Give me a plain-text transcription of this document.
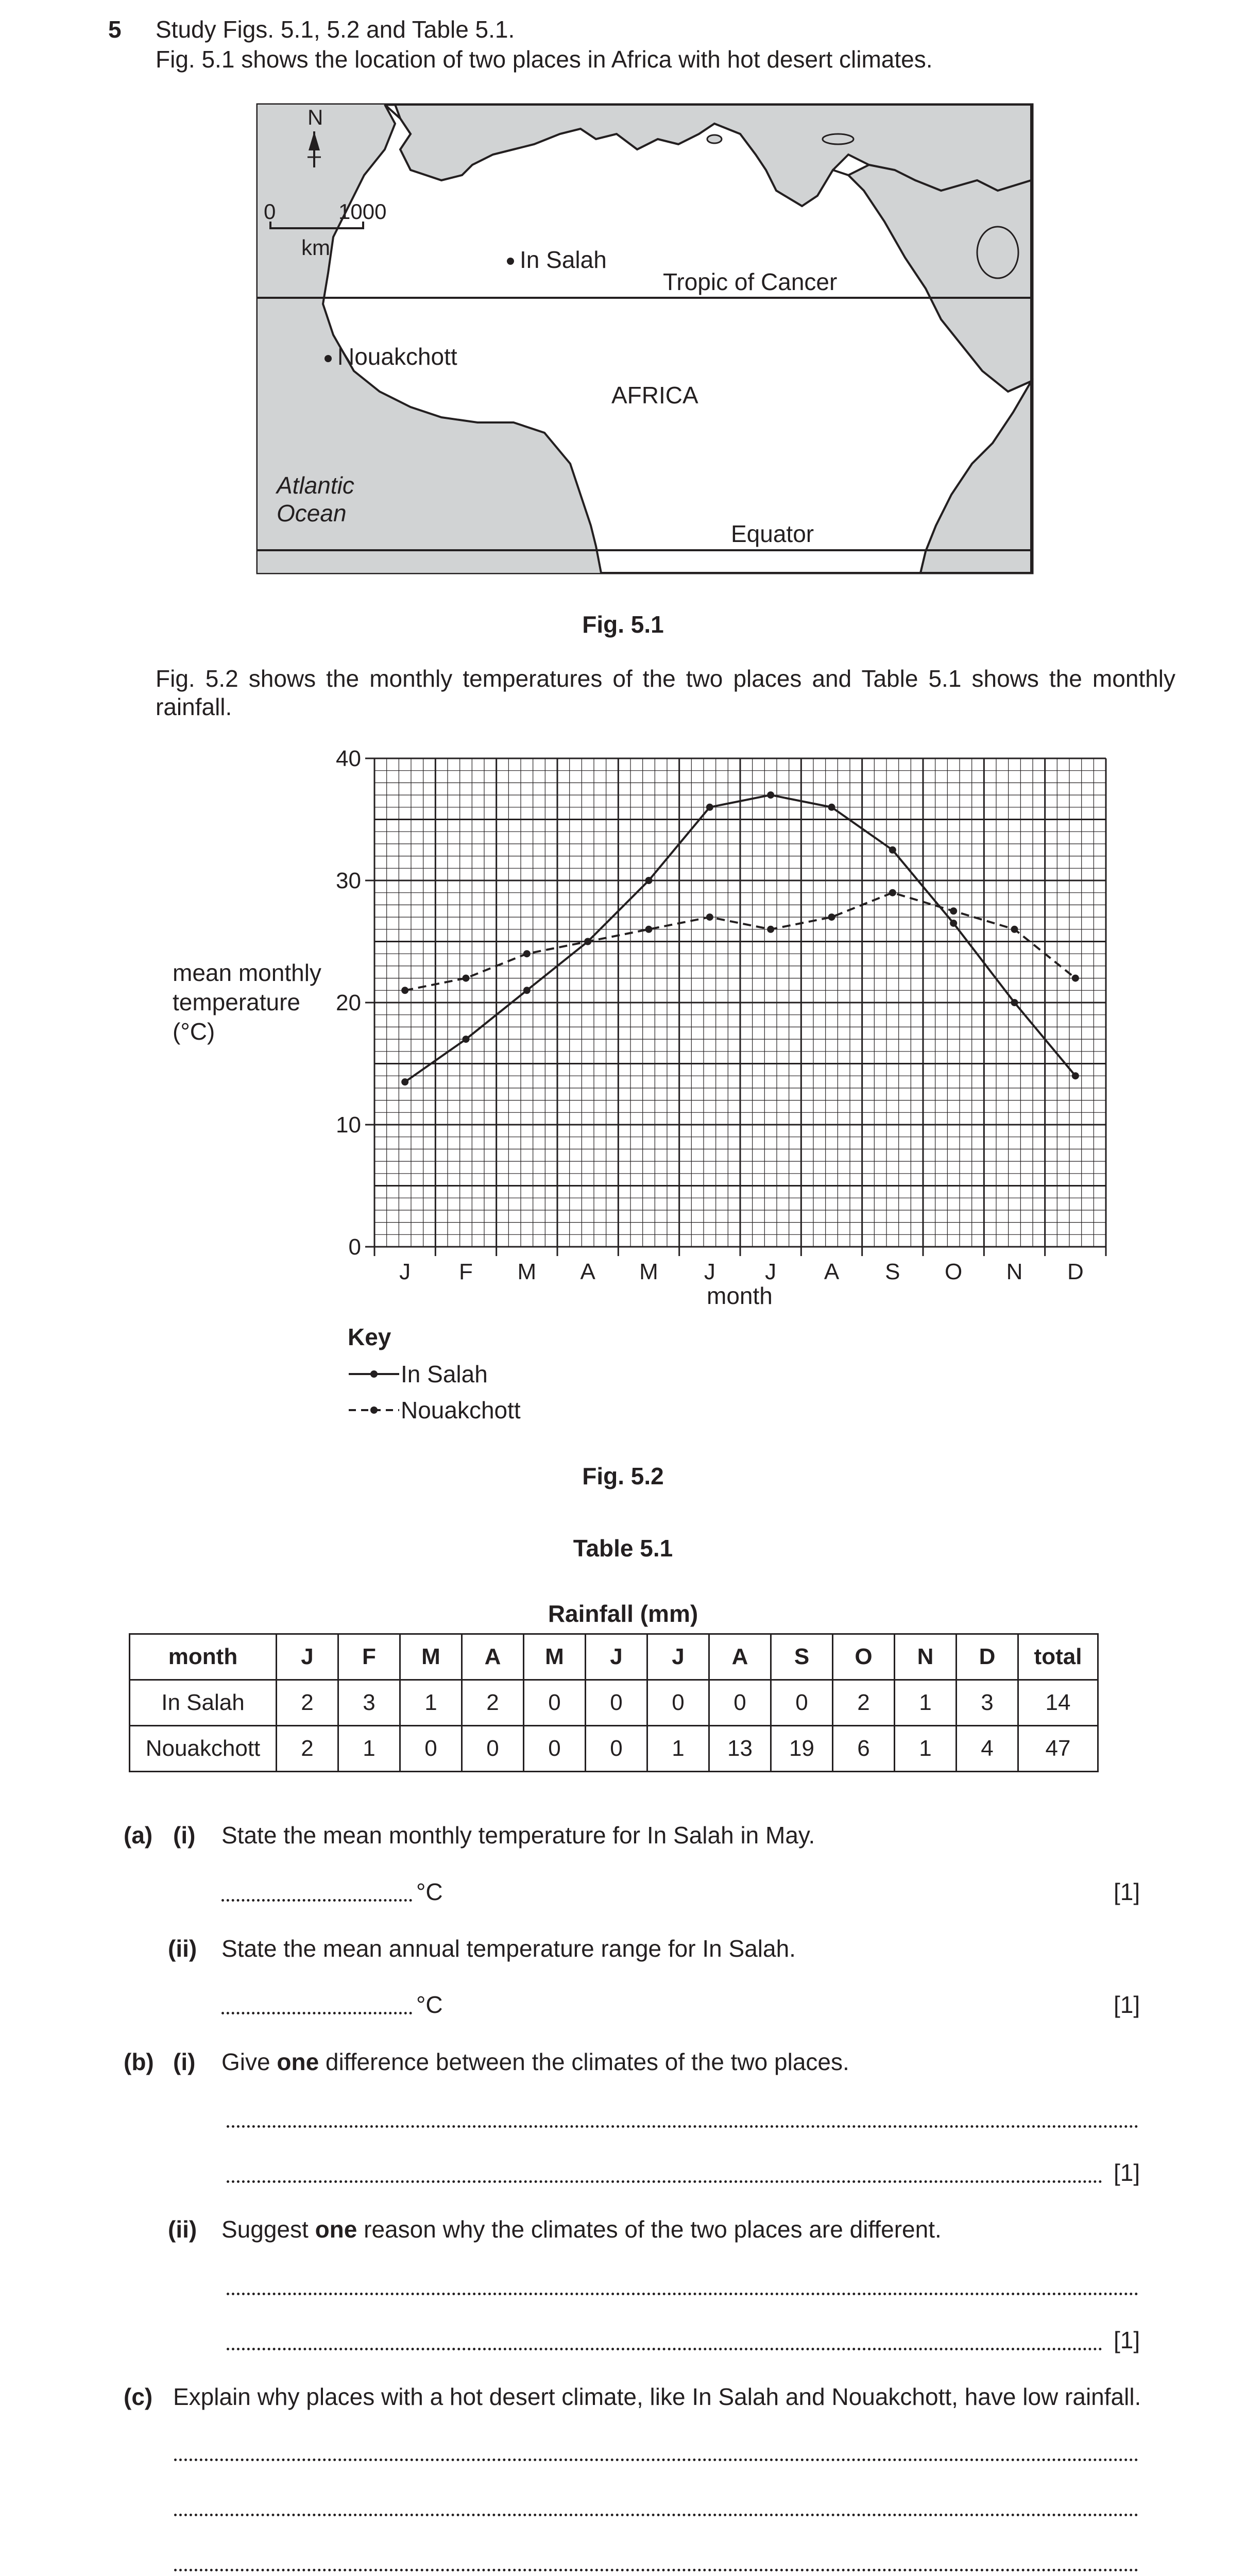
5 Study Figs. 5.1, 5.2 and Table 5.1.
Fig. 5.1 shows the location of two places in Africa with hot desert climates.
N
0	1000
km	In Salah
Tropic of Cancer
Nouakchott
AFRICA
Atlantic
Ocean
Equator
Fig. 5.1
Fig. 5.2 shows the monthly temperatures of the two places and Table 5.1 shows the monthly rainfall.
0
10
20
30
40
J F M A M J J A S O N D
mean monthly
temperature
(°C)
month
Key
In Salah
Nouakchott
Fig. 5.2
Table 5.1
Rainfall (mm)
month	J	F	M	A	M	J	J	A	S	O	N	D	total
In Salah	2	3	1	2	0	0	0	0	0	2	1	3	14
Nouakchott	2	1	0	0	0	0	1	13	19	6	1	4	47
(a) (i) State the mean monthly temperature for In Salah in May.
°C	[1]
(ii) State the mean annual temperature range for In Salah.
°C	[1]
(b) (i) Give one difference between the climates of the two places.
[1]
(ii) Suggest one reason why the climates of the two places are different.
[1]
(c) Explain why places with a hot desert climate, like In Salah and Nouakchott, have low rainfall.
